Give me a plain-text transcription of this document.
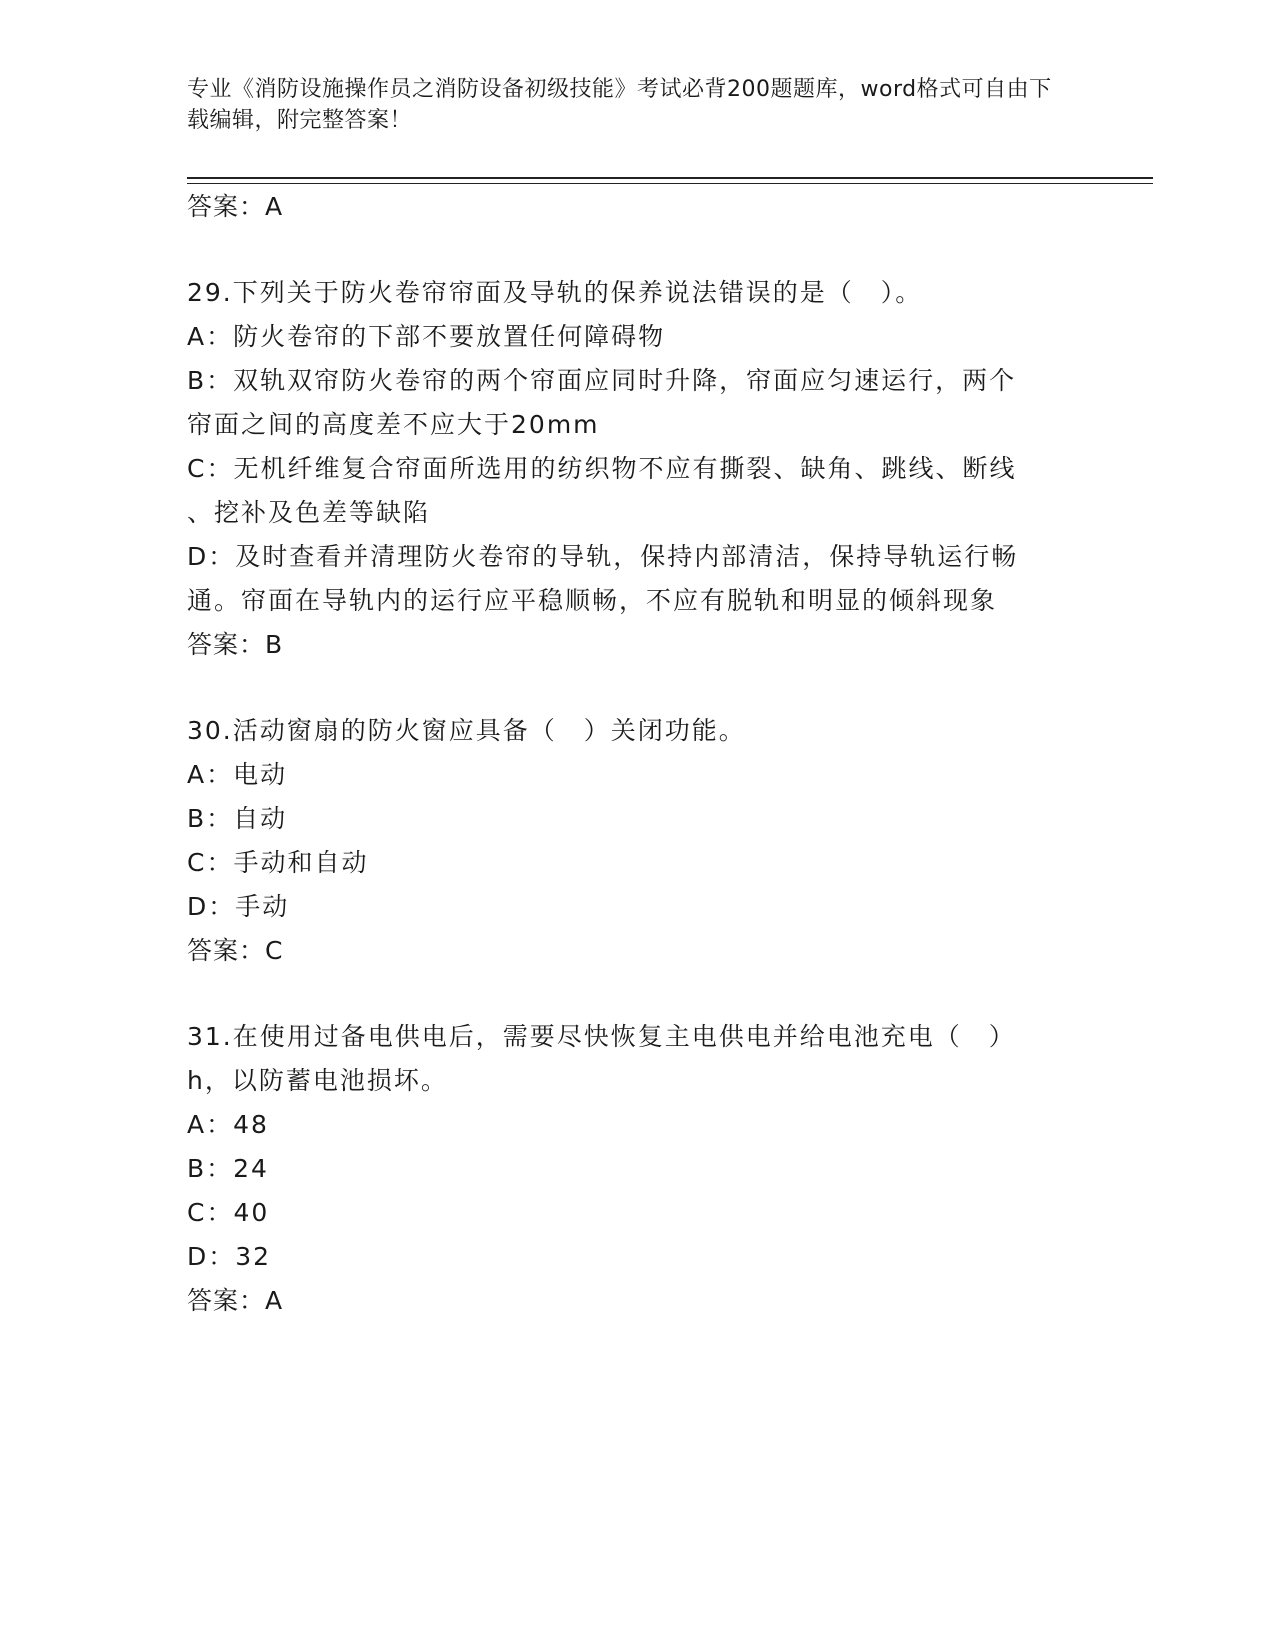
专业《消防设施操作员之消防设备初级技能》考试必背200题题库，word格式可自由下载编辑，附完整答案！
答案：A
29.下列关于防火卷帘帘面及导轨的保养说法错误的是（　）。
A：防火卷帘的下部不要放置任何障碍物
B：双轨双帘防火卷帘的两个帘面应同时升降，帘面应匀速运行，两个
帘面之间的高度差不应大于20mm
C：无机纤维复合帘面所选用的纺织物不应有撕裂、缺角、跳线、断线
、挖补及色差等缺陷
D：及时查看并清理防火卷帘的导轨，保持内部清洁，保持导轨运行畅
通。帘面在导轨内的运行应平稳顺畅，不应有脱轨和明显的倾斜现象
答案：B
30.活动窗扇的防火窗应具备（　）关闭功能。
A：电动
B：自动
C：手动和自动
D：手动
答案：C
31.在使用过备电供电后，需要尽快恢复主电供电并给电池充电（　）
h，以防蓄电池损坏。
A：48
B：24
C：40
D：32
答案：A
